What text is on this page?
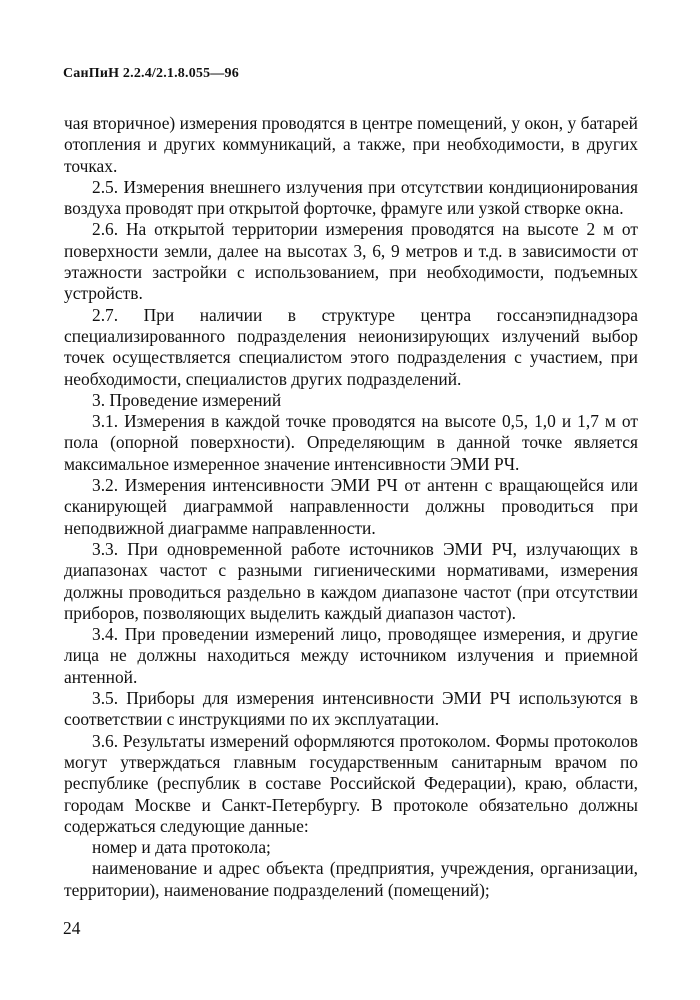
СанПиН 2.2.4/2.1.8.055—96

чая вторичное) измерения проводятся в центре помещений, у окон, у батарей отопления и других коммуникаций, а также, при необходимости, в других точках.

2.5. Измерения внешнего излучения при отсутствии кондиционирования воздуха проводят при открытой форточке, фрамуге или узкой створке окна.

2.6. На открытой территории измерения проводятся на высоте 2 м от поверхности земли, далее на высотах 3, 6, 9 метров и т.д. в зависимости от этажности застройки с использованием, при необходимости, подъемных устройств.

2.7. При наличии в структуре центра госсанэпиднадзора специализированного подразделения неионизирующих излучений выбор точек осуществляется специалистом этого подразделения с участием, при необходимости, специалистов других подразделений.

3. Проведение измерений

3.1. Измерения в каждой точке проводятся на высоте 0,5, 1,0 и 1,7 м от пола (опорной поверхности). Определяющим в данной точке является максимальное измеренное значение интенсивности ЭМИ РЧ.

3.2. Измерения интенсивности ЭМИ РЧ от антенн с вращающейся или сканирующей диаграммой направленности должны проводиться при неподвижной диаграмме направленности.

3.3. При одновременной работе источников ЭМИ РЧ, излучающих в диапазонах частот с разными гигиеническими нормативами, измерения должны проводиться раздельно в каждом диапазоне частот (при отсутствии приборов, позволяющих выделить каждый диапазон частот).

3.4. При проведении измерений лицо, проводящее измерения, и другие лица не должны находиться между источником излучения и приемной антенной.

3.5. Приборы для измерения интенсивности ЭМИ РЧ используются в соответствии с инструкциями по их эксплуатации.

3.6. Результаты измерений оформляются протоколом. Формы протоколов могут утверждаться главным государственным санитарным врачом по республике (республик в составе Российской Федерации), краю, области, городам Москве и Санкт-Петербургу. В протоколе обязательно должны содержаться следующие данные:

номер и дата протокола;

наименование и адрес объекта (предприятия, учреждения, организации, территории), наименование подразделений (помещений);

24
